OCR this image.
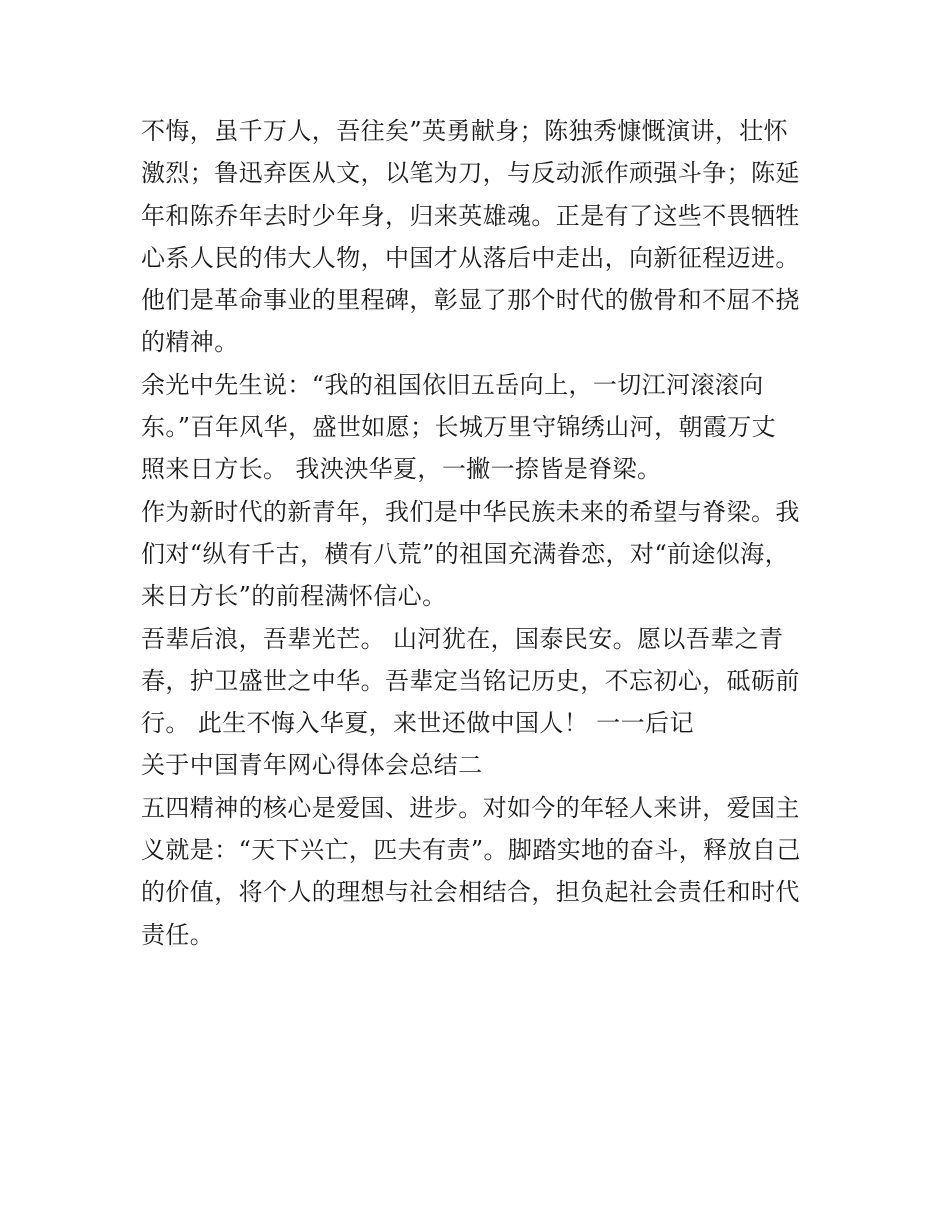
不悔，虽千万人，吾往矣”英勇献身；陈独秀慷慨演讲，壮怀
激烈；鲁迅弃医从文，以笔为刀，与反动派作顽强斗争；陈延
年和陈乔年去时少年身，归来英雄魂。正是有了这些不畏牺牲
心系人民的伟大人物，中国才从落后中走出，向新征程迈进。
他们是革命事业的里程碑，彰显了那个时代的傲骨和不屈不挠
的精神。
余光中先生说：“我的祖国依旧五岳向上，一切江河滚滚向
东。”百年风华，盛世如愿；长城万里守锦绣山河，朝霞万丈
照来日方长。 我泱泱华夏，一撇一捺皆是脊梁。
作为新时代的新青年，我们是中华民族未来的希望与脊梁。我
们对“纵有千古，横有八荒”的祖国充满眷恋，对“前途似海，
来日方长”的前程满怀信心。
吾辈后浪，吾辈光芒。 山河犹在，国泰民安。愿以吾辈之青
春，护卫盛世之中华。吾辈定当铭记历史，不忘初心，砥砺前
行。 此生不悔入华夏，来世还做中国人！ 一一后记
关于中国青年网心得体会总结二
五四精神的核心是爱国、进步。对如今的年轻人来讲，爱国主
义就是：“天下兴亡，匹夫有责”。脚踏实地的奋斗，释放自己
的价值，将个人的理想与社会相结合，担负起社会责任和时代
责任。
